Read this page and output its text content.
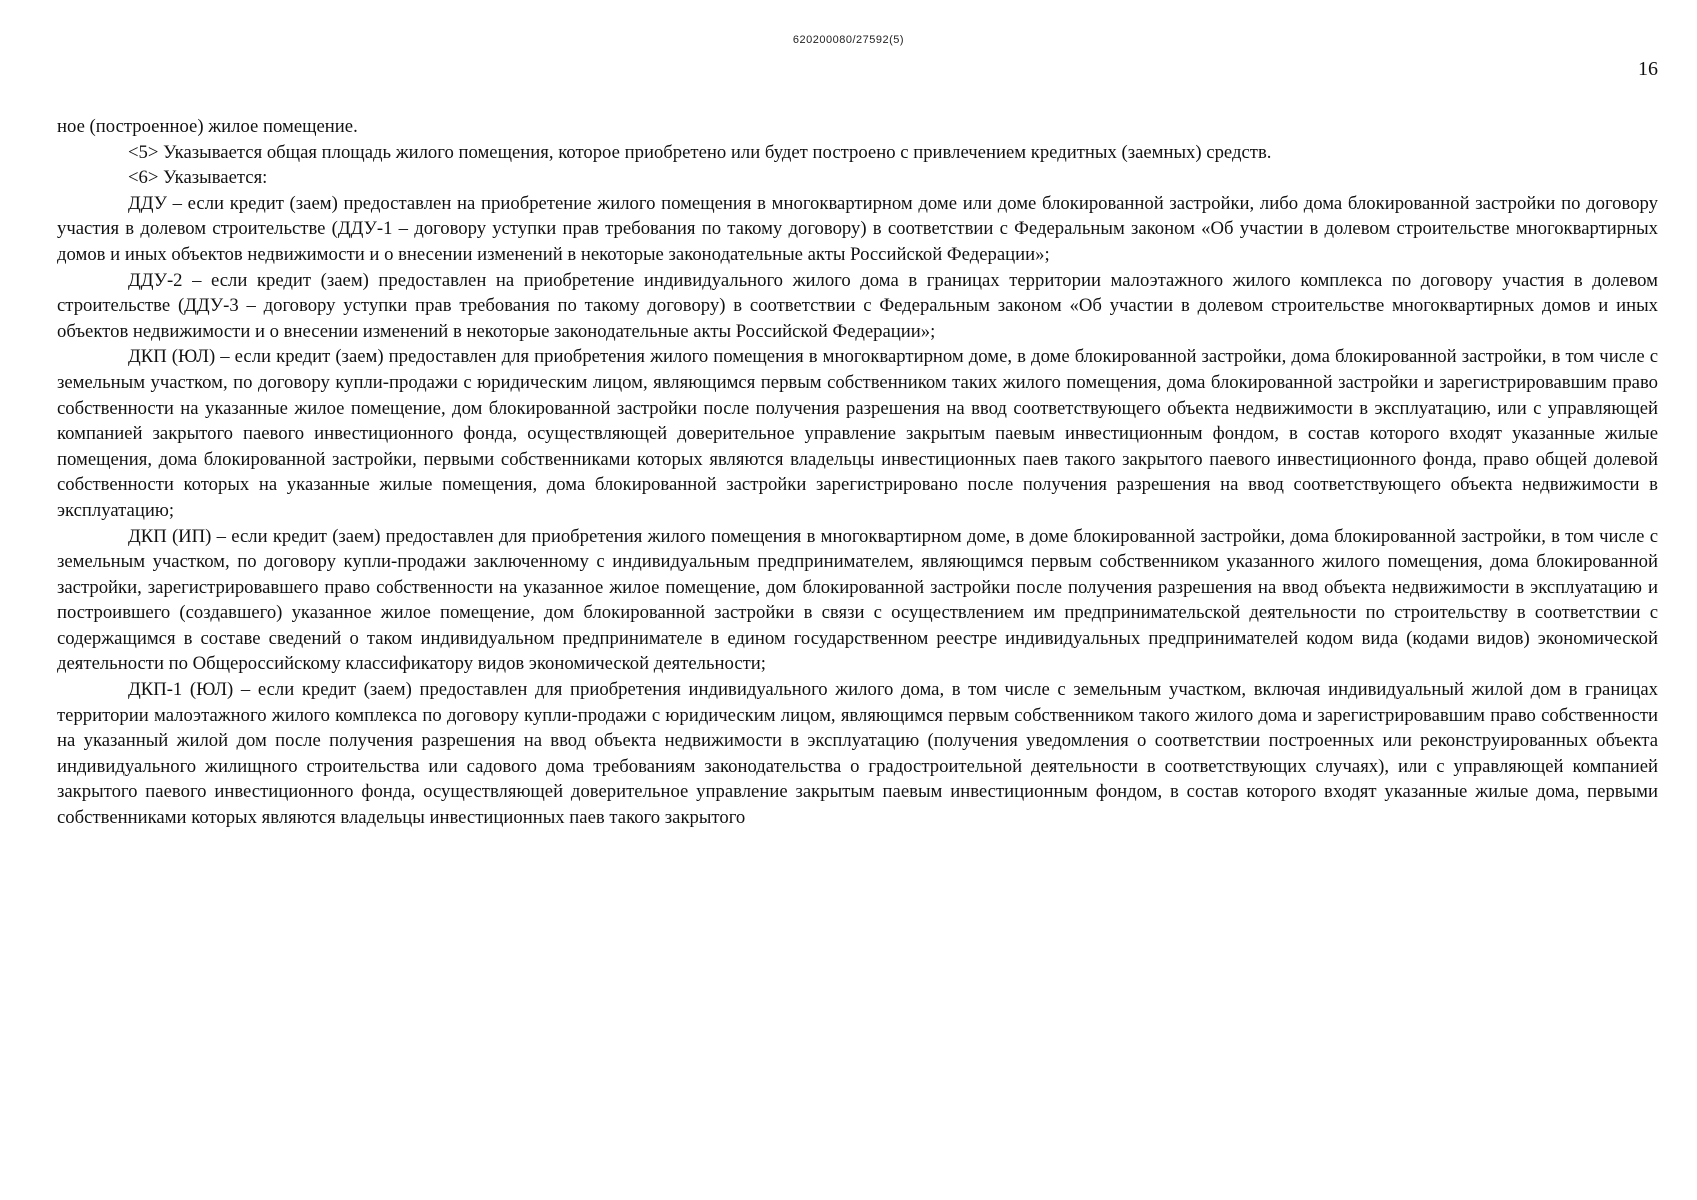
620200080/27592(5)
16

ное (построенное) жилое помещение.

<5> Указывается общая площадь жилого помещения, которое приобретено или будет построено с привлечением кредитных (заемных) средств.

<6> Указывается:

ДДУ – если кредит (заем) предоставлен на приобретение жилого помещения в многоквартирном доме или доме блокированной застройки, либо дома блокированной застройки по договору участия в долевом строительстве (ДДУ-1 – договору уступки прав требования по такому договору) в соответствии с Федеральным законом «Об участии в долевом строительстве многоквартирных домов и иных объектов недвижимости и о внесении изменений в некоторые законодательные акты Российской Федерации»;

ДДУ-2 – если кредит (заем) предоставлен на приобретение индивидуального жилого дома в границах территории малоэтажного жилого комплекса по договору участия в долевом строительстве (ДДУ-3 – договору уступки прав требования по такому договору) в соответствии с Федеральным законом «Об участии в долевом строительстве многоквартирных домов и иных объектов недвижимости и о внесении изменений в некоторые законодательные акты Российской Федерации»;

ДКП (ЮЛ) – если кредит (заем) предоставлен для приобретения жилого помещения в многоквартирном доме, в доме блокированной застройки, дома блокированной застройки, в том числе с земельным участком, по договору купли-продажи с юридическим лицом, являющимся первым собственником таких жилого помещения, дома блокированной застройки и зарегистрировавшим право собственности на указанные жилое помещение, дом блокированной застройки после получения разрешения на ввод соответствующего объекта недвижимости в эксплуатацию, или с управляющей компанией закрытого паевого инвестиционного фонда, осуществляющей доверительное управление закрытым паевым инвестиционным фондом, в состав которого входят указанные жилые помещения, дома блокированной застройки, первыми собственниками которых являются владельцы инвестиционных паев такого закрытого паевого инвестиционного фонда, право общей долевой собственности которых на указанные жилые помещения, дома блокированной застройки зарегистрировано после получения разрешения на ввод соответствующего объекта недвижимости в эксплуатацию;

ДКП (ИП) – если кредит (заем) предоставлен для приобретения жилого помещения в многоквартирном доме, в доме блокированной застройки, дома блокированной застройки, в том числе с земельным участком, по договору купли-продажи заключенному с индивидуальным предпринимателем, являющимся первым собственником указанного жилого помещения, дома блокированной застройки, зарегистрировавшего право собственности на указанное жилое помещение, дом блокированной застройки после получения разрешения на ввод объекта недвижимости в эксплуатацию и построившего (создавшего) указанное жилое помещение, дом блокированной застройки в связи с осуществлением им предпринимательской деятельности по строительству в соответствии с содержащимся в составе сведений о таком индивидуальном предпринимателе в едином государственном реестре индивидуальных предпринимателей кодом вида (кодами видов) экономической деятельности по Общероссийскому классификатору видов экономической деятельности;

ДКП-1 (ЮЛ) – если кредит (заем) предоставлен для приобретения индивидуального жилого дома, в том числе с земельным участком, включая индивидуальный жилой дом в границах территории малоэтажного жилого комплекса по договору купли-продажи с юридическим лицом, являющимся первым собственником такого жилого дома и зарегистрировавшим право собственности на указанный жилой дом после получения разрешения на ввод объекта недвижимости в эксплуатацию (получения уведомления о соответствии построенных или реконструированных объекта индивидуального жилищного строительства или садового дома требованиям законодательства о градостроительной деятельности в соответствующих случаях), или с управляющей компанией закрытого паевого инвестиционного фонда, осуществляющей доверительное управление закрытым паевым инвестиционным фондом, в состав которого входят указанные жилые дома, первыми собственниками которых являются владельцы инвестиционных паев такого закрытого
